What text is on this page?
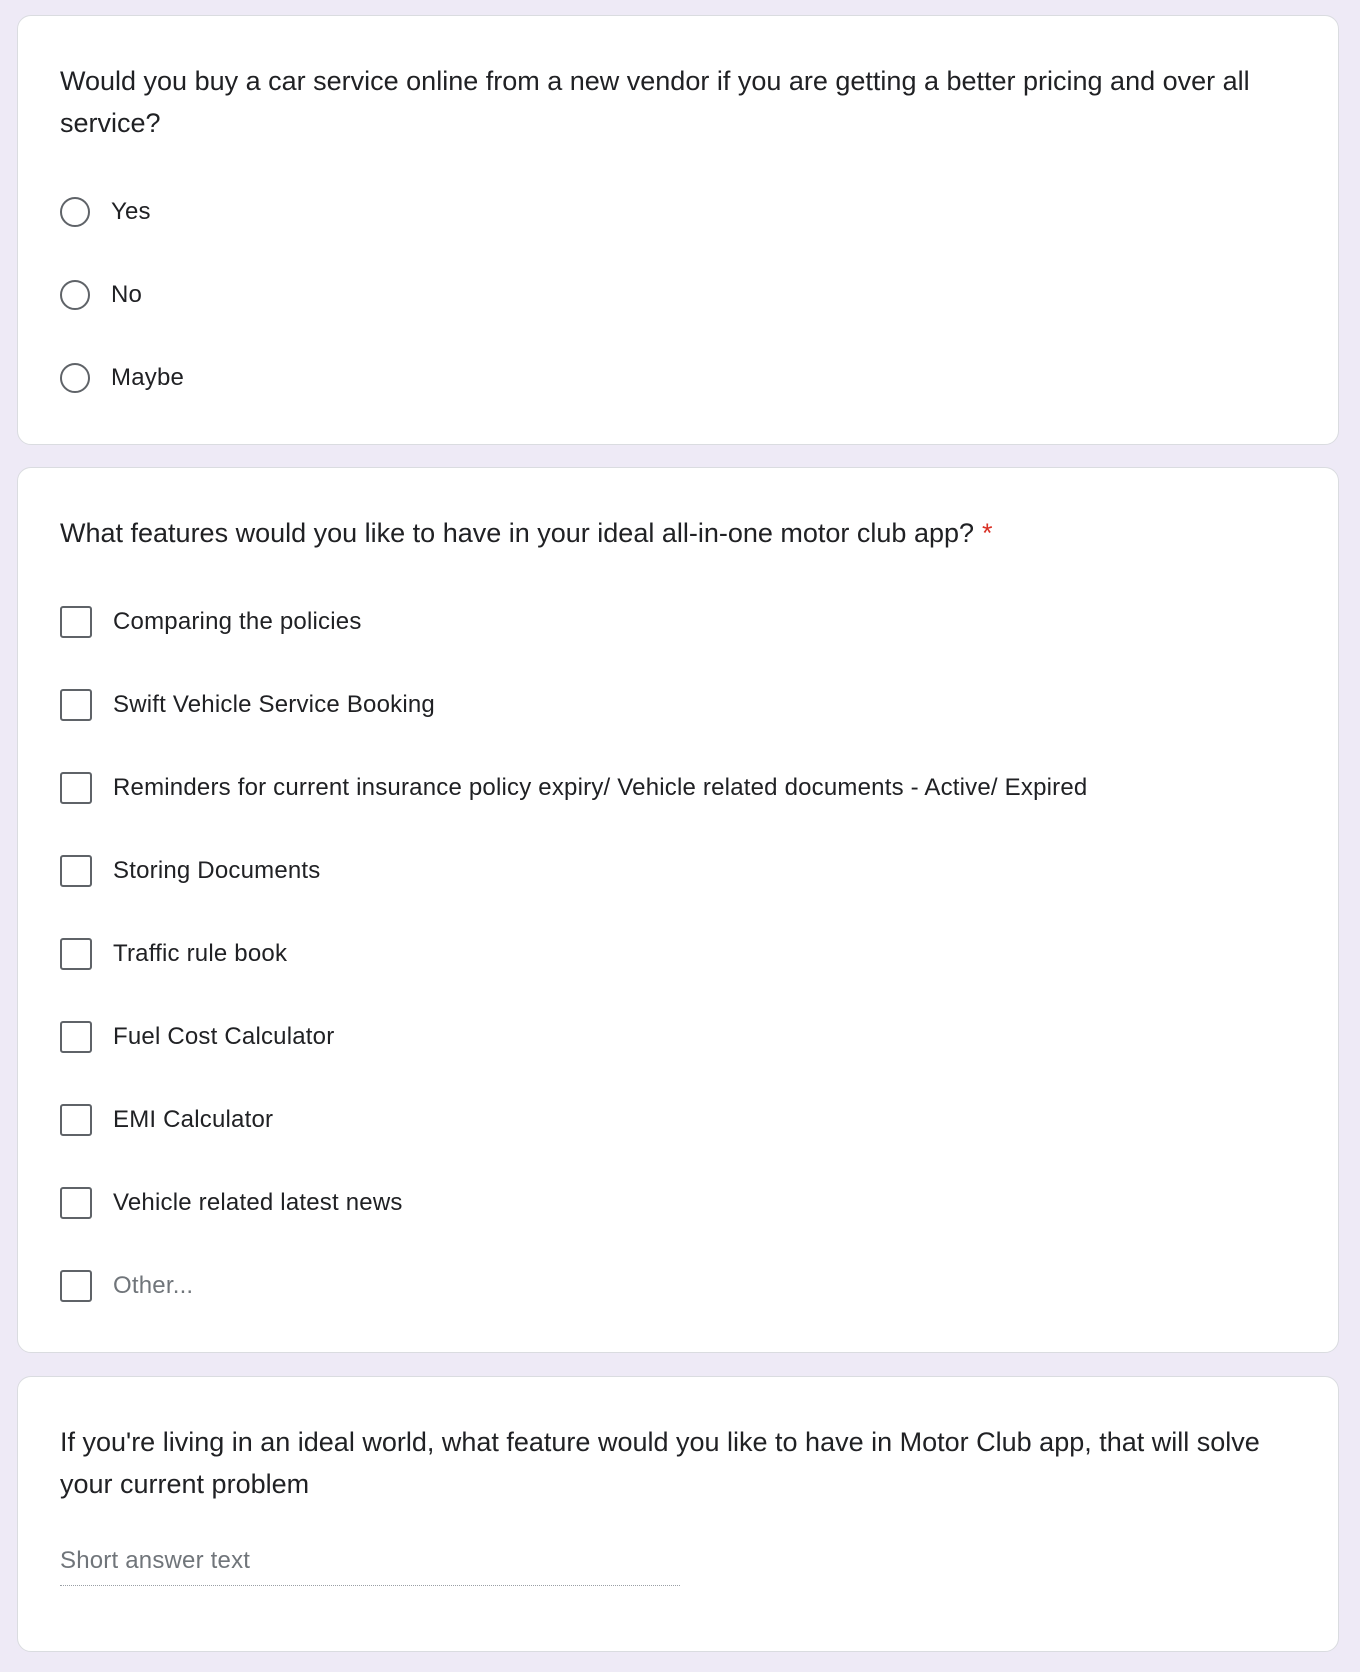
Would you buy a car service online from a new vendor if you are getting a better pricing and over all service?

Yes
No
Maybe

What features would you like to have in your ideal all-in-one motor club app? *

Comparing the policies
Swift Vehicle Service Booking
Reminders for current insurance policy expiry/ Vehicle related documents - Active/ Expired
Storing Documents
Traffic rule book
Fuel Cost Calculator
EMI Calculator
Vehicle related latest news
Other...

If you're living in an ideal world, what feature would you like to have in Motor Club app, that will solve your current problem

Short answer text
